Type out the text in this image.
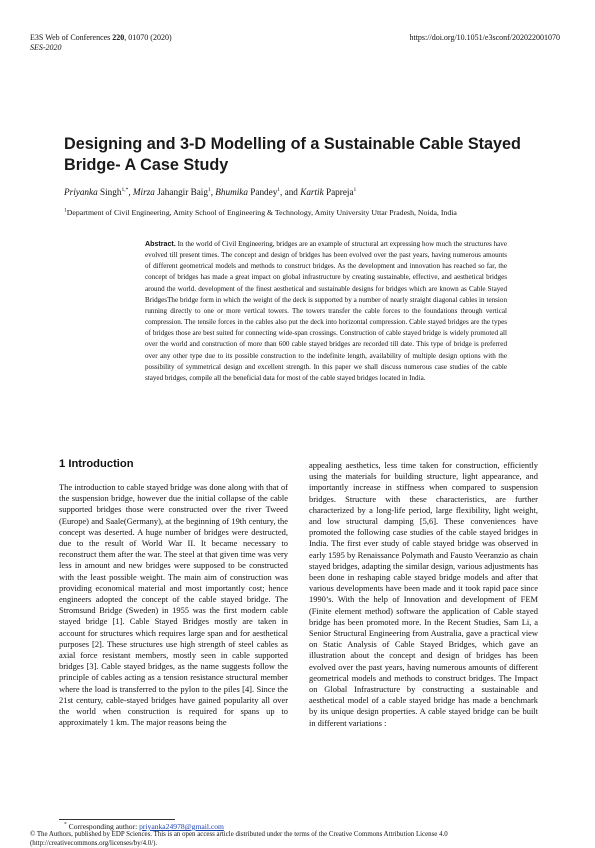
E3S Web of Conferences 220, 01070 (2020)
SES-2020
https://doi.org/10.1051/e3sconf/202022001070
Designing and 3-D Modelling of a Sustainable Cable Stayed Bridge- A Case Study
Priyanka Singh$^{1,*}$, Mirza Jahangir Baig$^1$, Bhumika Pandey$^1$, and Kartik Papreja$^1$
$^1$Department of Civil Engineering, Amity School of Engineering & Technology, Amity University Uttar Pradesh, Noida, India
Abstract. In the world of Civil Engineering, bridges are an example of structural art expressing how much the structures have evolved till present times. The concept and design of bridges has been evolved over the past years, having numerous amounts of different geometrical models and methods to construct bridges. As the development and innovation has reached so far, the concept of bridges has made a great impact on global infrastructure by creating sustainable, effective, and aesthetical bridges around the world. development of the finest aesthetical and sustainable designs for bridges which are known as Cable Stayed BridgesThe bridge form in which the weight of the deck is supported by a number of nearly straight diagonal cables in tension running directly to one or more vertical towers. The towers transfer the cable forces to the foundations through vertical compression. The tensile forces in the cables also put the deck into horizontal compression. Cable stayed bridges are the types of bridges those are best suited for connecting wide-span crossings. Construction of cable stayed bridge is widely promoted all over the world and construction of more than 600 cable stayed bridges are recorded till date. This type of bridge is preferred over any other type due to its possible construction to the indefinite length, availability of multiple design options with the possibility of symmetrical design and excellent strength. In this paper we shall discuss numerous case studies of the cable stayed bridges, compile all the beneficial data for most of the cable stayed bridges located in India.
1 Introduction
The introduction to cable stayed bridge was done along with that of the suspension bridge, however due the initial collapse of the cable supported bridges those were constructed over the river Tweed (Europe) and Saale(Germany), at the beginning of 19th century, the concept was deserted. A huge number of bridges were destructed, due to the result of World War II. It became necessary to reconstruct them after the war. The steel at that given time was very less in amount and new bridges were supposed to be constructed with the least possible weight. The main aim of construction was providing economical material and most importantly cost; hence engineers adopted the concept of the cable stayed bridge. The Stromsund Bridge (Sweden) in 1955 was the first modern cable stayed bridge [1]. Cable Stayed Bridges mostly are taken in account for structures which requires large span and for aesthetical purposes [2]. These structures use high strength of steel cables as axial force resistant members, mostly seen in cable supported bridges [3]. Cable stayed bridges, as the name suggests follow the principle of cables acting as a tension resistance structural member where the load is transferred to the pylon to the piles [4]. Since the 21st century, cable-stayed bridges have gained popularity all over the world when construction is required for spans up to approximately 1 km. The major reasons being the
appealing aesthetics, less time taken for construction, efficiently using the materials for building structure, light appearance, and importantly increase in stiffness when compared to suspension bridges. Structure with these characteristics, are further characterized by a long-life period, large flexibility, light weight, and low structural damping [5,6]. These conveniences have promoted the following case studies of the cable stayed bridges in India. The first ever study of cable stayed bridge was observed in early 1595 by Renaissance Polymath and Fausto Veeranzio as chain stayed bridges, adapting the similar design, various adjustments has been done in reshaping cable stayed bridge models and after that various developments have been made and it took rapid pace since 1990’s. With the help of Innovation and development of FEM (Finite element method) software the application of Cable stayed bridge has been promoted more. In the Recent Studies, Sam Li, a Senior Structural Engineering from Australia, gave a practical view on Static Analysis of Cable Stayed Bridges, which gave an illustration about the concept and design of bridges has been evolved over the past years, having numerous amounts of different geometrical models and methods to construct bridges. The Impact on Global Infrastructure by constructing a sustainable and aesthetical model of a cable stayed bridge has made a benchmark by its unique design properties. A cable stayed bridge can be built in different variations :
* Corresponding author: priyanka24978@gmail.com
© The Authors, published by EDP Sciences. This is an open access article distributed under the terms of the Creative Commons Attribution License 4.0 (http://creativecommons.org/licenses/by/4.0/).
